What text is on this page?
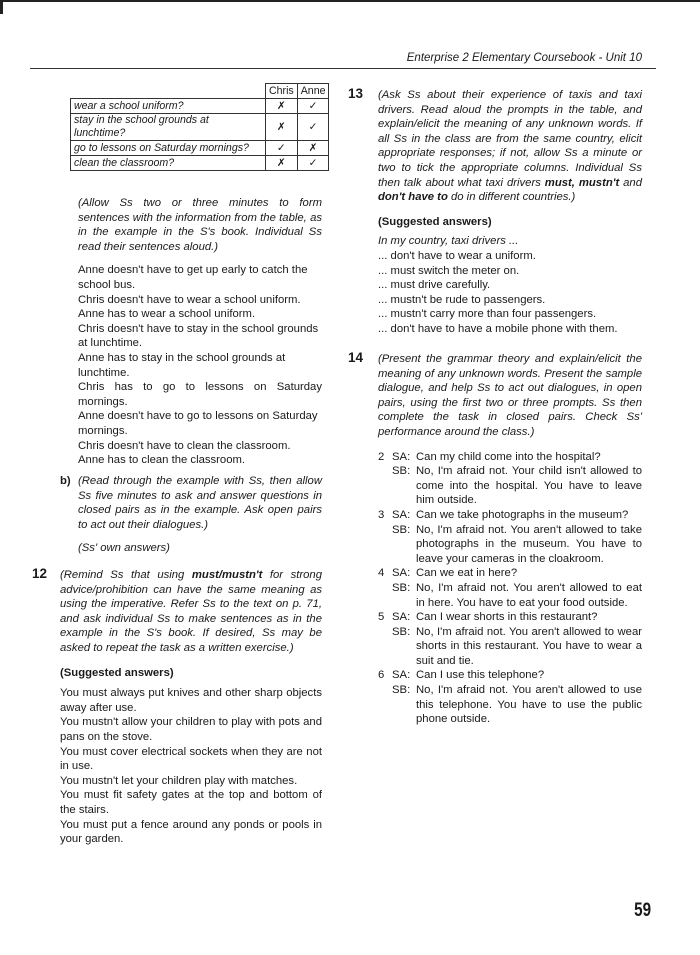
Enterprise 2 Elementary Coursebook - Unit 10
	Chris	Anne
wear a school uniform?	✗	✓
stay in the school grounds at lunchtime?	✗	✓
go to lessons on Saturday mornings?	✓	✗
clean the classroom?	✗	✓

(Allow Ss two or three minutes to form sentences with the information from the table, as in the example in the S's book. Individual Ss read their sentences aloud.)

Anne doesn't have to get up early to catch the school bus.

Chris doesn't have to wear a school uniform.

Anne has to wear a school uniform.

Chris doesn't have to stay in the school grounds at lunchtime.

Anne has to stay in the school grounds at lunchtime.

Chris has to go to lessons on Saturday mornings.

Anne doesn't have to go to lessons on Saturday mornings.

Chris doesn't have to clean the classroom.

Anne has to clean the classroom.

b) (Read through the example with Ss, then allow Ss five minutes to ask and answer questions in closed pairs as in the example. Ask open pairs to act out their dialogues.)

(Ss' own answers)

12 (Remind Ss that using must/mustn't for strong advice/prohibition can have the same meaning as using the imperative. Refer Ss to the text on p. 71, and ask individual Ss to make sentences as in the example in the S's book. If desired, Ss may be asked to repeat the task as a written exercise.)

(Suggested answers)

You must always put knives and other sharp objects away after use.

You mustn't allow your children to play with pots and pans on the stove.

You must cover electrical sockets when they are not in use.

You mustn't let your children play with matches.

You must fit safety gates at the top and bottom of the stairs.

You must put a fence around any ponds or pools in your garden.

13 (Ask Ss about their experience of taxis and taxi drivers. Read aloud the prompts in the table, and explain/elicit the meaning of any unknown words. If all Ss in the class are from the same country, elicit appropriate responses; if not, allow Ss a minute or two to tick the appropriate columns. Individual Ss then talk about what taxi drivers must, mustn't and don't have to do in different countries.)

(Suggested answers)

In my country, taxi drivers ...

... don't have to wear a uniform.

... must switch the meter on.

... must drive carefully.

... mustn't be rude to passengers.

... mustn't carry more than four passengers.

... don't have to have a mobile phone with them.

14 (Present the grammar theory and explain/elicit the meaning of any unknown words. Present the sample dialogue, and help Ss to act out dialogues, in open pairs, using the first two or three prompts. Ss then complete the task in closed pairs. Check Ss' performance around the class.)

2 SA: Can my child come into the hospital?
SB: No, I'm afraid not. Your child isn't allowed to come into the hospital. You have to leave him outside.
3 SA: Can we take photographs in the museum?
SB: No, I'm afraid not. You aren't allowed to take photographs in the museum. You have to leave your cameras in the cloakroom.
4 SA: Can we eat in here?
SB: No, I'm afraid not. You aren't allowed to eat in here. You have to eat your food outside.
5 SA: Can I wear shorts in this restaurant?
SB: No, I'm afraid not. You aren't allowed to wear shorts in this restaurant. You have to wear a suit and tie.
6 SA: Can I use this telephone?
SB: No, I'm afraid not. You aren't allowed to use this telephone. You have to use the public phone outside.
59
